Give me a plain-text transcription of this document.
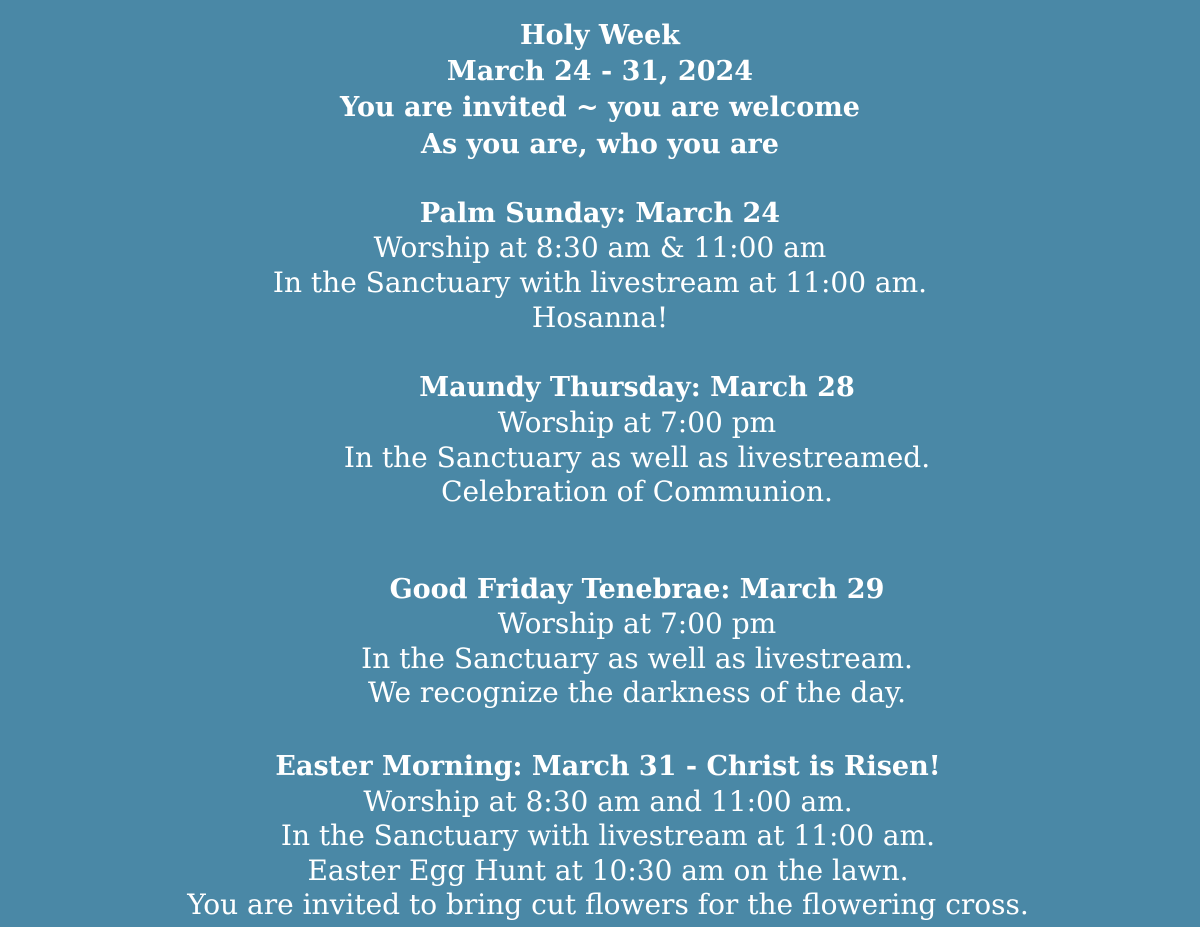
Holy Week
March 24 - 31, 2024
You are invited ~ you are welcome
As you are, who you are
Palm Sunday: March 24
Worship at 8:30 am & 11:00 am
In the Sanctuary with livestream at 11:00 am.
Hosanna!
Maundy Thursday: March 28
Worship at 7:00 pm
In the Sanctuary as well as livestreamed.
Celebration of Communion.
Good Friday Tenebrae: March 29
Worship at 7:00 pm
In the Sanctuary as well as livestream.
We recognize the darkness of the day.
Easter Morning: March 31 - Christ is Risen!
Worship at 8:30 am and 11:00 am.
In the Sanctuary with livestream at 11:00 am.
Easter Egg Hunt at 10:30 am on the lawn.
You are invited to bring cut flowers for the flowering cross.
